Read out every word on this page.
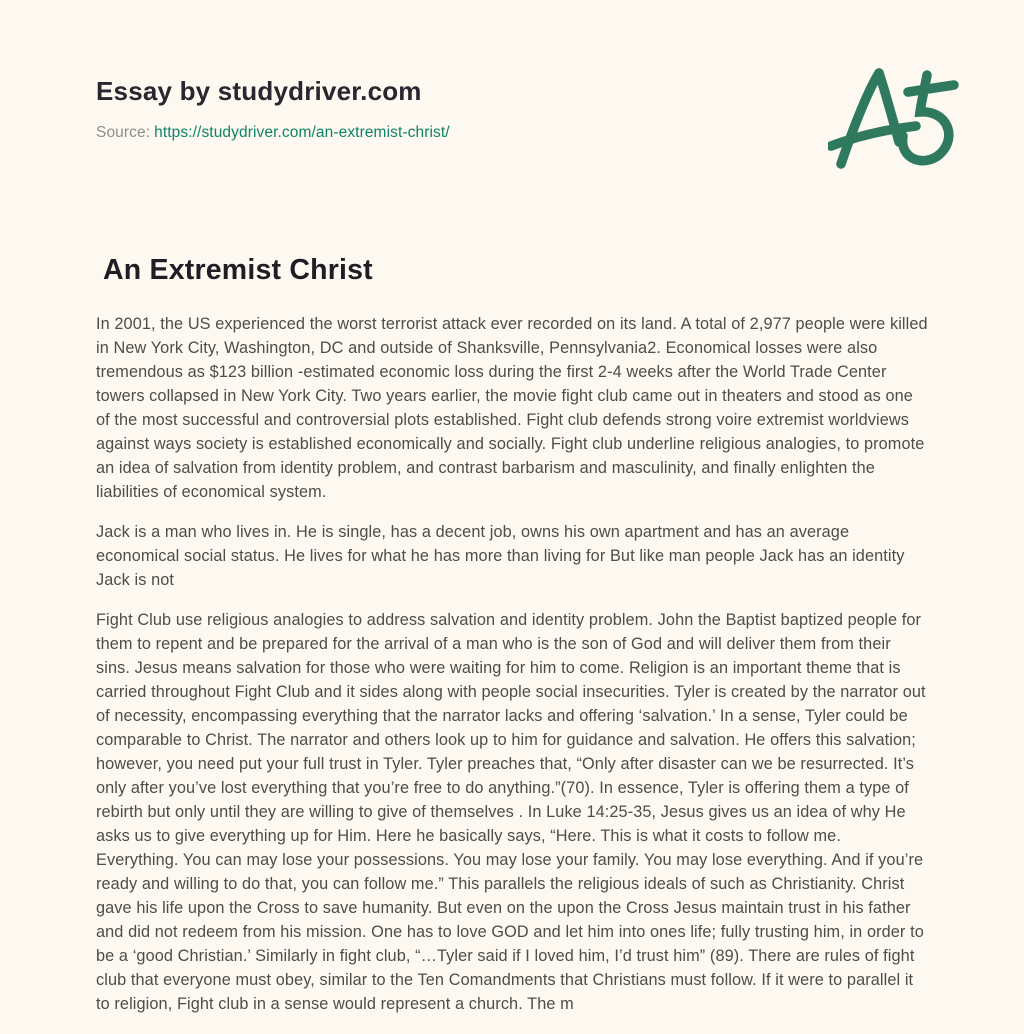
Essay by studydriver.com
Source: https://studydriver.com/an-extremist-christ/
An Extremist Christ

In 2001, the US experienced the worst terrorist attack ever recorded on its land. A total of 2,977 people were killed in New York City, Washington, DC and outside of Shanksville, Pennsylvania2. Economical losses were also tremendous as $123 billion -estimated economic loss during the first 2-4 weeks after the World Trade Center towers collapsed in New York City. Two years earlier, the movie fight club came out in theaters and stood as one of the most successful and controversial plots established. Fight club defends strong voire extremist worldviews against ways society is established economically and socially. Fight club underline religious analogies, to promote an idea of salvation from identity problem, and contrast barbarism and masculinity, and finally enlighten the liabilities of economical system.

Jack is a man who lives in. He is single, has a decent job, owns his own apartment and has an average economical social status. He lives for what he has more than living for But like man people Jack has an identity Jack is not

Fight Club use religious analogies to address salvation and identity problem. John the Baptist baptized people for them to repent and be prepared for the arrival of a man who is the son of God and will deliver them from their sins. Jesus means salvation for those who were waiting for him to come. Religion is an important theme that is carried throughout Fight Club and it sides along with people social insecurities. Tyler is created by the narrator out of necessity, encompassing everything that the narrator lacks and offering ‘salvation.’ In a sense, Tyler could be comparable to Christ. The narrator and others look up to him for guidance and salvation. He offers this salvation; however, you need put your full trust in Tyler. Tyler preaches that, “Only after disaster can we be resurrected. It’s only after you’ve lost everything that you’re free to do anything.”(70). In essence, Tyler is offering them a type of rebirth but only until they are willing to give of themselves . In Luke 14:25-35, Jesus gives us an idea of why He asks us to give everything up for Him. Here he basically says, “Here. This is what it costs to follow me. Everything. You can may lose your possessions. You may lose your family. You may lose everything. And if you’re ready and willing to do that, you can follow me.” This parallels the religious ideals of such as Christianity. Christ gave his life upon the Cross to save humanity. But even on the upon the Cross Jesus maintain trust in his father and did not redeem from his mission. One has to love GOD and let him into ones life; fully trusting him, in order to be a ‘good Christian.’ Similarly in fight club, “…Tyler said if I loved him, I’d trust him” (89). There are rules of fight club that everyone must obey, similar to the Ten Comandments that Christians must follow. If it were to parallel it to religion, Fight club in a sense would represent a church. The m
